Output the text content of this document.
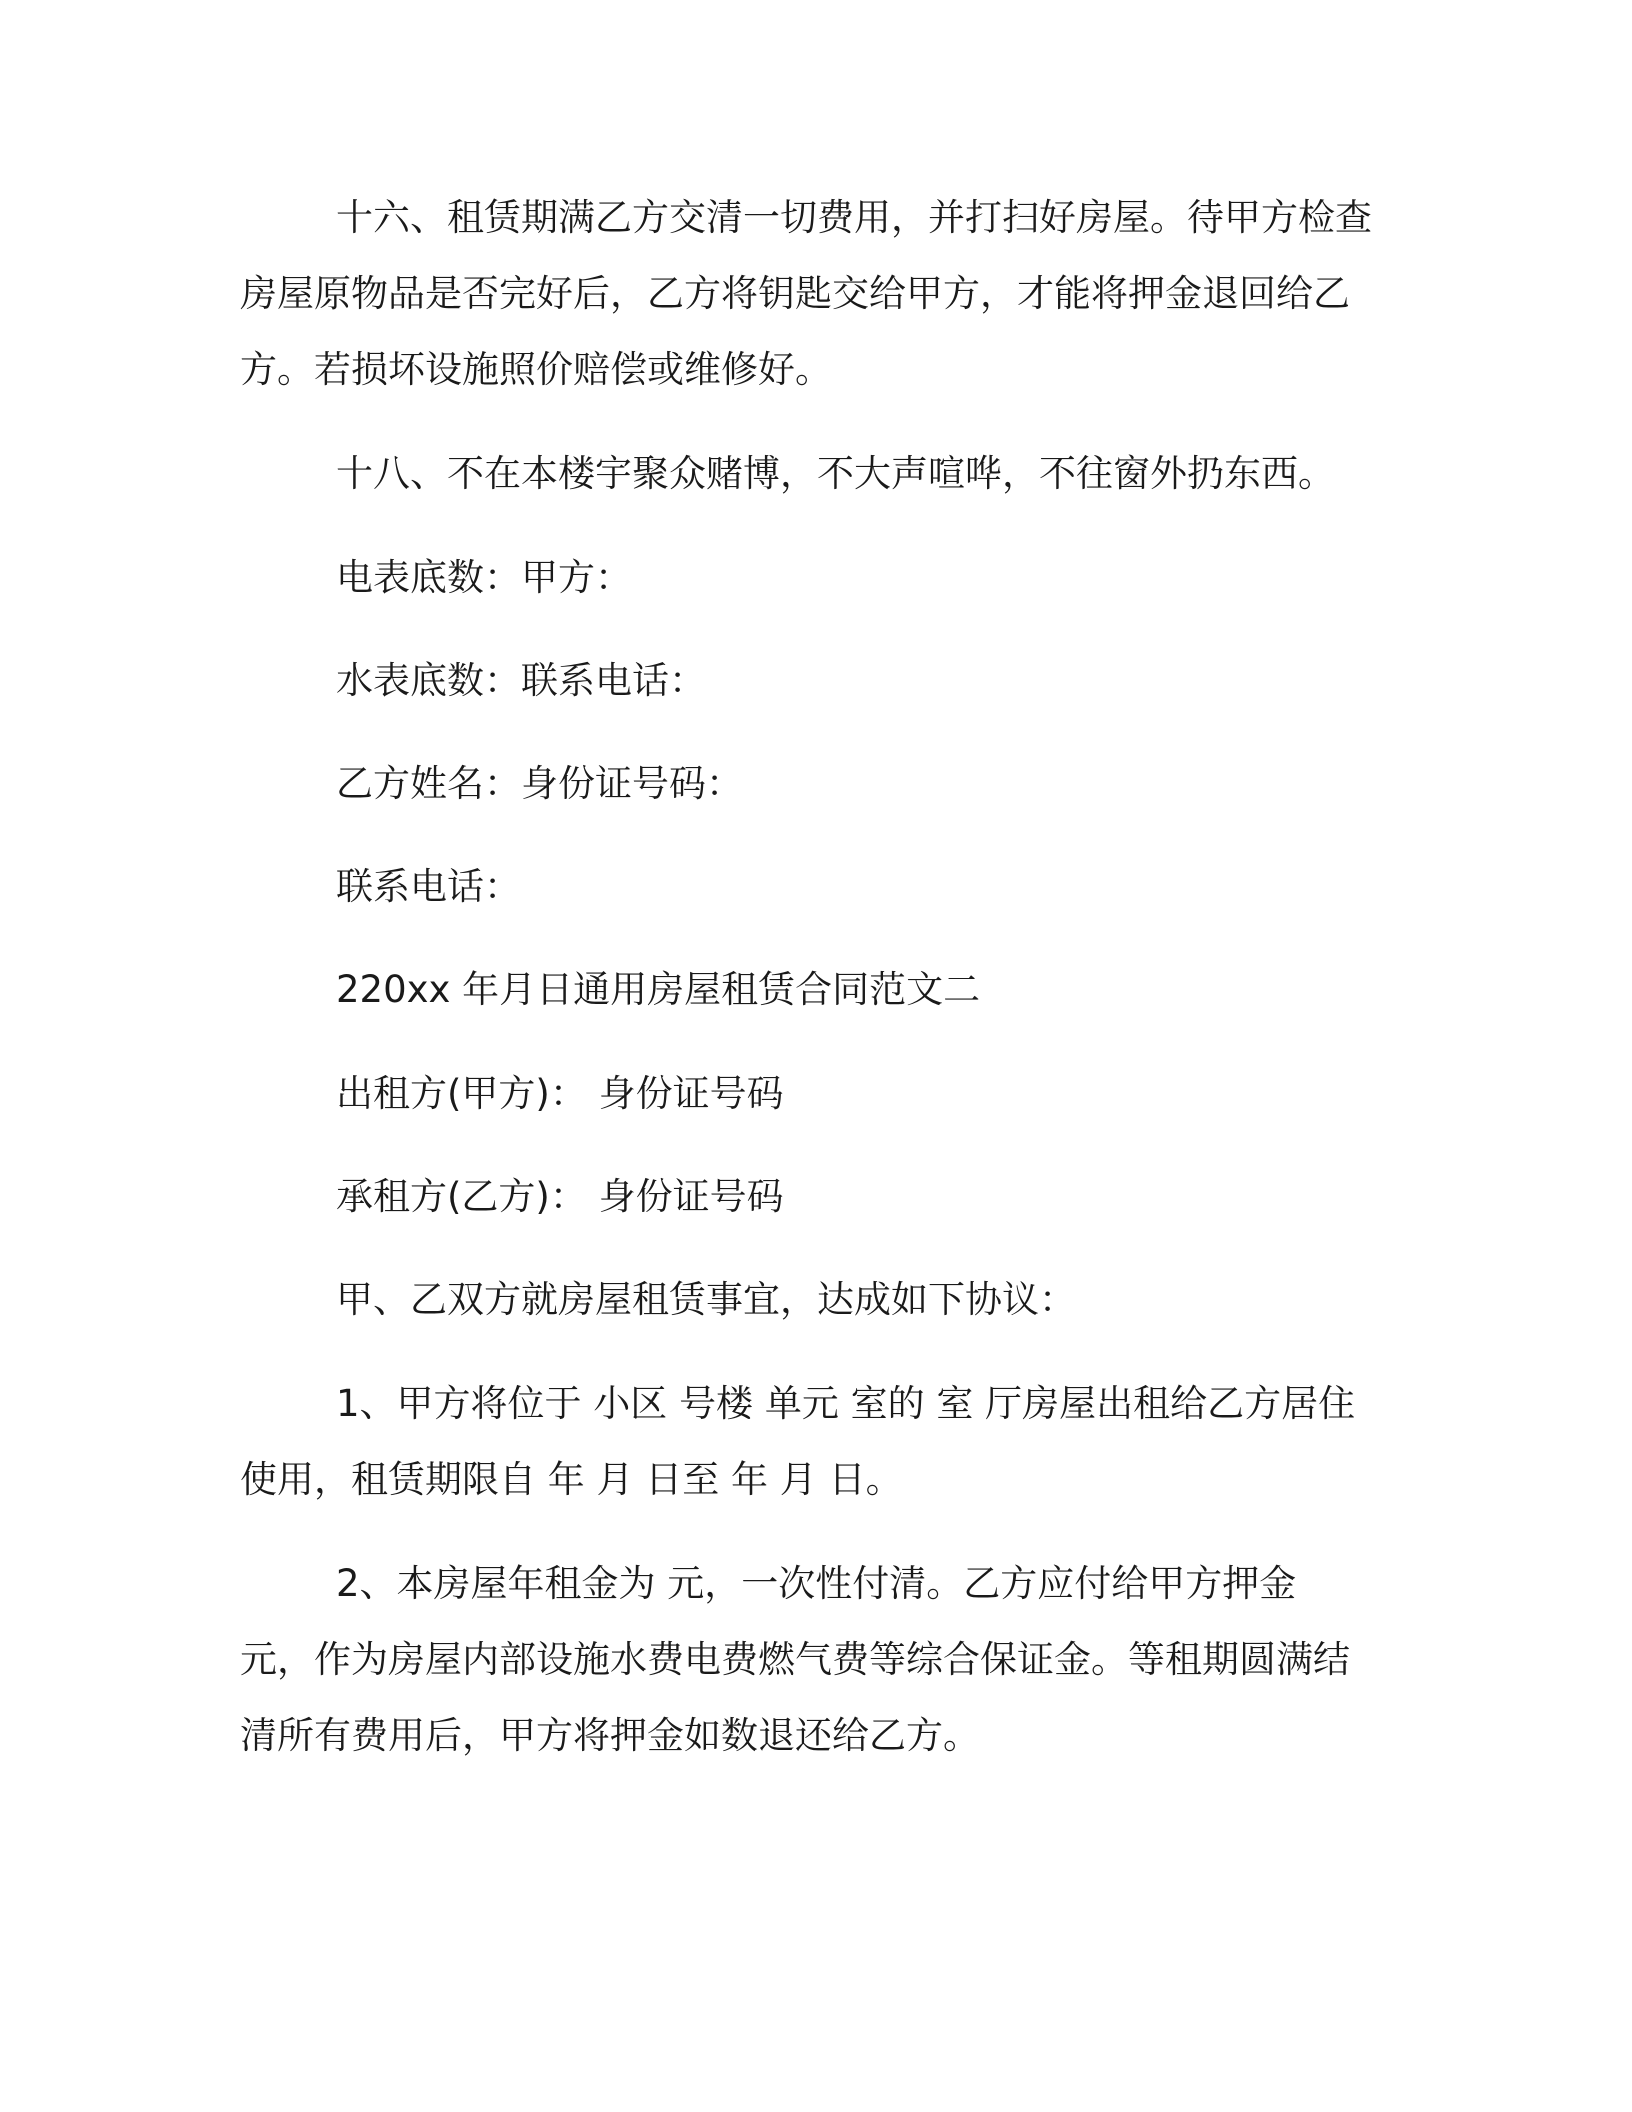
十六、租赁期满乙方交清一切费用，并打扫好房屋。待甲方检查房屋原物品是否完好后，乙方将钥匙交给甲方，才能将押金退回给乙方。若损坏设施照价赔偿或维修好。

十八、不在本楼宇聚众赌博，不大声喧哗，不往窗外扔东西。

电表底数：甲方：

水表底数：联系电话：

乙方姓名：身份证号码：

联系电话：

220xx 年月日通用房屋租赁合同范文二

出租方(甲方)： 身份证号码

承租方(乙方)： 身份证号码

甲、乙双方就房屋租赁事宜，达成如下协议：

1、甲方将位于 小区 号楼 单元 室的 室 厅房屋出租给乙方居住使用，租赁期限自 年 月 日至 年 月 日。

2、本房屋年租金为 元，一次性付清。乙方应付给甲方押金 元，作为房屋内部设施水费电费燃气费等综合保证金。等租期圆满结清所有费用后，甲方将押金如数退还给乙方。
